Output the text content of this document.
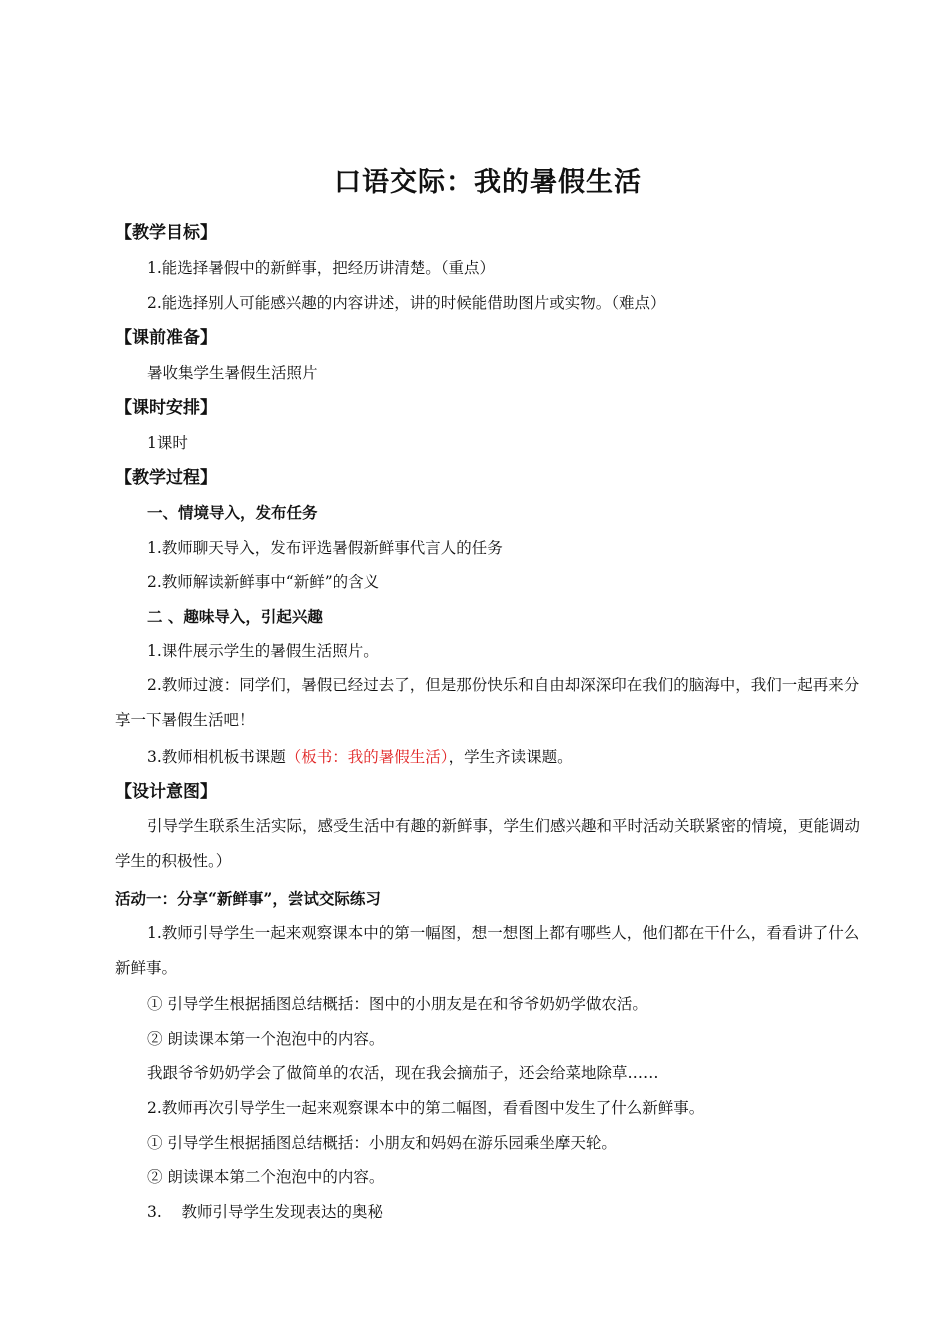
口语交际：我的暑假生活
【教学目标】
1.能选择暑假中的新鲜事，把经历讲清楚。（重点）
2.能选择别人可能感兴趣的内容讲述，讲的时候能借助图片或实物。（难点）
【课前准备】
暑收集学生暑假生活照片
【课时安排】
1课时
【教学过程】
一、情境导入，发布任务
1.教师聊天导入，发布评选暑假新鲜事代言人的任务
2.教师解读新鲜事中“新鲜”的含义
二 、趣味导入，引起兴趣
1.课件展示学生的暑假生活照片。
2.教师过渡：同学们，暑假已经过去了，但是那份快乐和自由却深深印在我们的脑海中，我们一起再来分享一下暑假生活吧！
3.教师相机板书课题（板书：我的暑假生活），学生齐读课题。
【设计意图】
引导学生联系生活实际，感受生活中有趣的新鲜事，学生们感兴趣和平时活动关联紧密的情境，更能调动学生的积极性。）
活动一：分享“新鲜事”，尝试交际练习
1.教师引导学生一起来观察课本中的第一幅图，想一想图上都有哪些人，他们都在干什么，看看讲了什么新鲜事。
① 引导学生根据插图总结概括：图中的小朋友是在和爷爷奶奶学做农活。
② 朗读课本第一个泡泡中的内容。
我跟爷爷奶奶学会了做简单的农活，现在我会摘茄子，还会给菜地除草……
2.教师再次引导学生一起来观察课本中的第二幅图，看看图中发生了什么新鲜事。
① 引导学生根据插图总结概括：小朋友和妈妈在游乐园乘坐摩天轮。
② 朗读课本第二个泡泡中的内容。
3.    教师引导学生发现表达的奥秘
